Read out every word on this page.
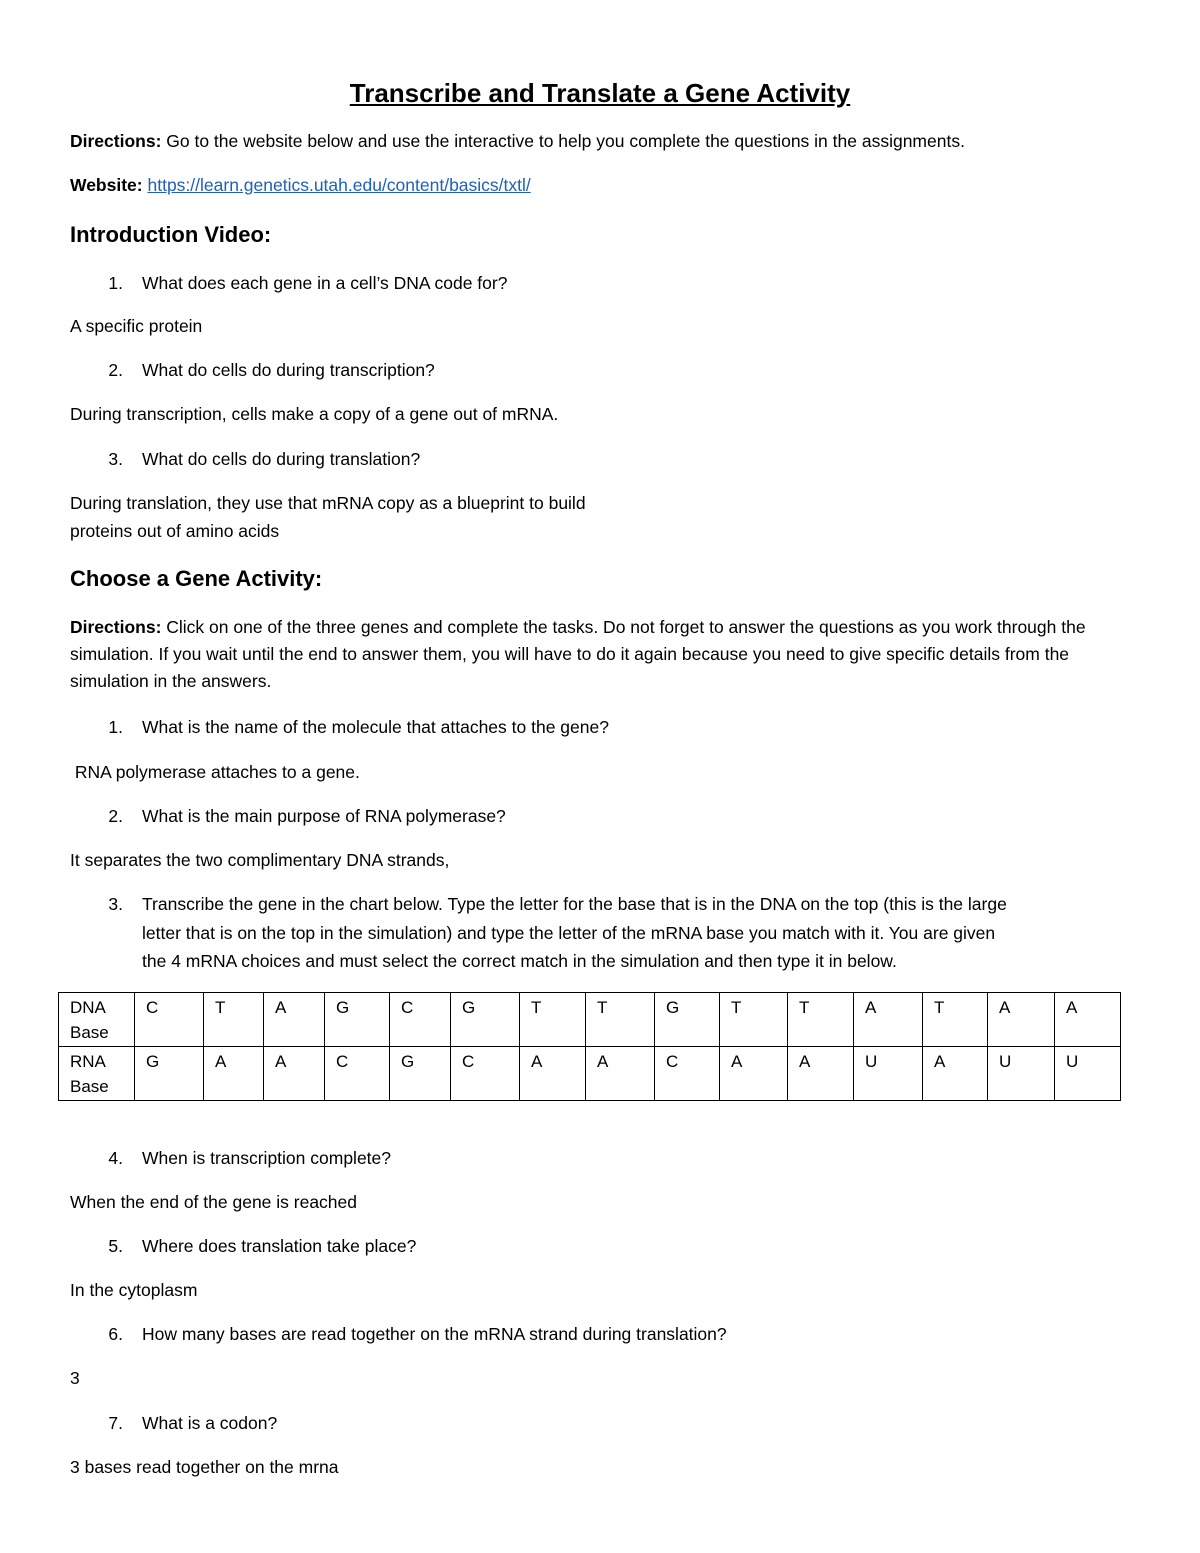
Transcribe and Translate a Gene Activity
Directions: Go to the website below and use the interactive to help you complete the questions in the assignments.
Website: https://learn.genetics.utah.edu/content/basics/txtl/
Introduction Video:
1. What does each gene in a cell’s DNA code for?
A specific protein
2. What do cells do during transcription?
During transcription, cells make a copy of a gene out of mRNA.
3. What do cells do during translation?
During translation, they use that mRNA copy as a blueprint to build
proteins out of amino acids
Choose a Gene Activity:
Directions: Click on one of the three genes and complete the tasks. Do not forget to answer the questions as you work through the simulation. If you wait until the end to answer them, you will have to do it again because you need to give specific details from the simulation in the answers.
1. What is the name of the molecule that attaches to the gene?
RNA polymerase attaches to a gene.
2. What is the main purpose of RNA polymerase?
It separates the two complimentary DNA strands,
3. Transcribe the gene in the chart below. Type the letter for the base that is in the DNA on the top (this is the large
letter that is on the top in the simulation) and type the letter of the mRNA base you match with it. You are given
the 4 mRNA choices and must select the correct match in the simulation and then type it in below.
DNA
Base	C	T	A	G	C	G	T	T	G	T	T	A	T	A	A
RNA
Base	G	A	A	C	G	C	A	A	C	A	A	U	A	U	U
4. When is transcription complete?
When the end of the gene is reached
5. Where does translation take place?
In the cytoplasm
6. How many bases are read together on the mRNA strand during translation?
3
7. What is a codon?
3 bases read together on the mrna
